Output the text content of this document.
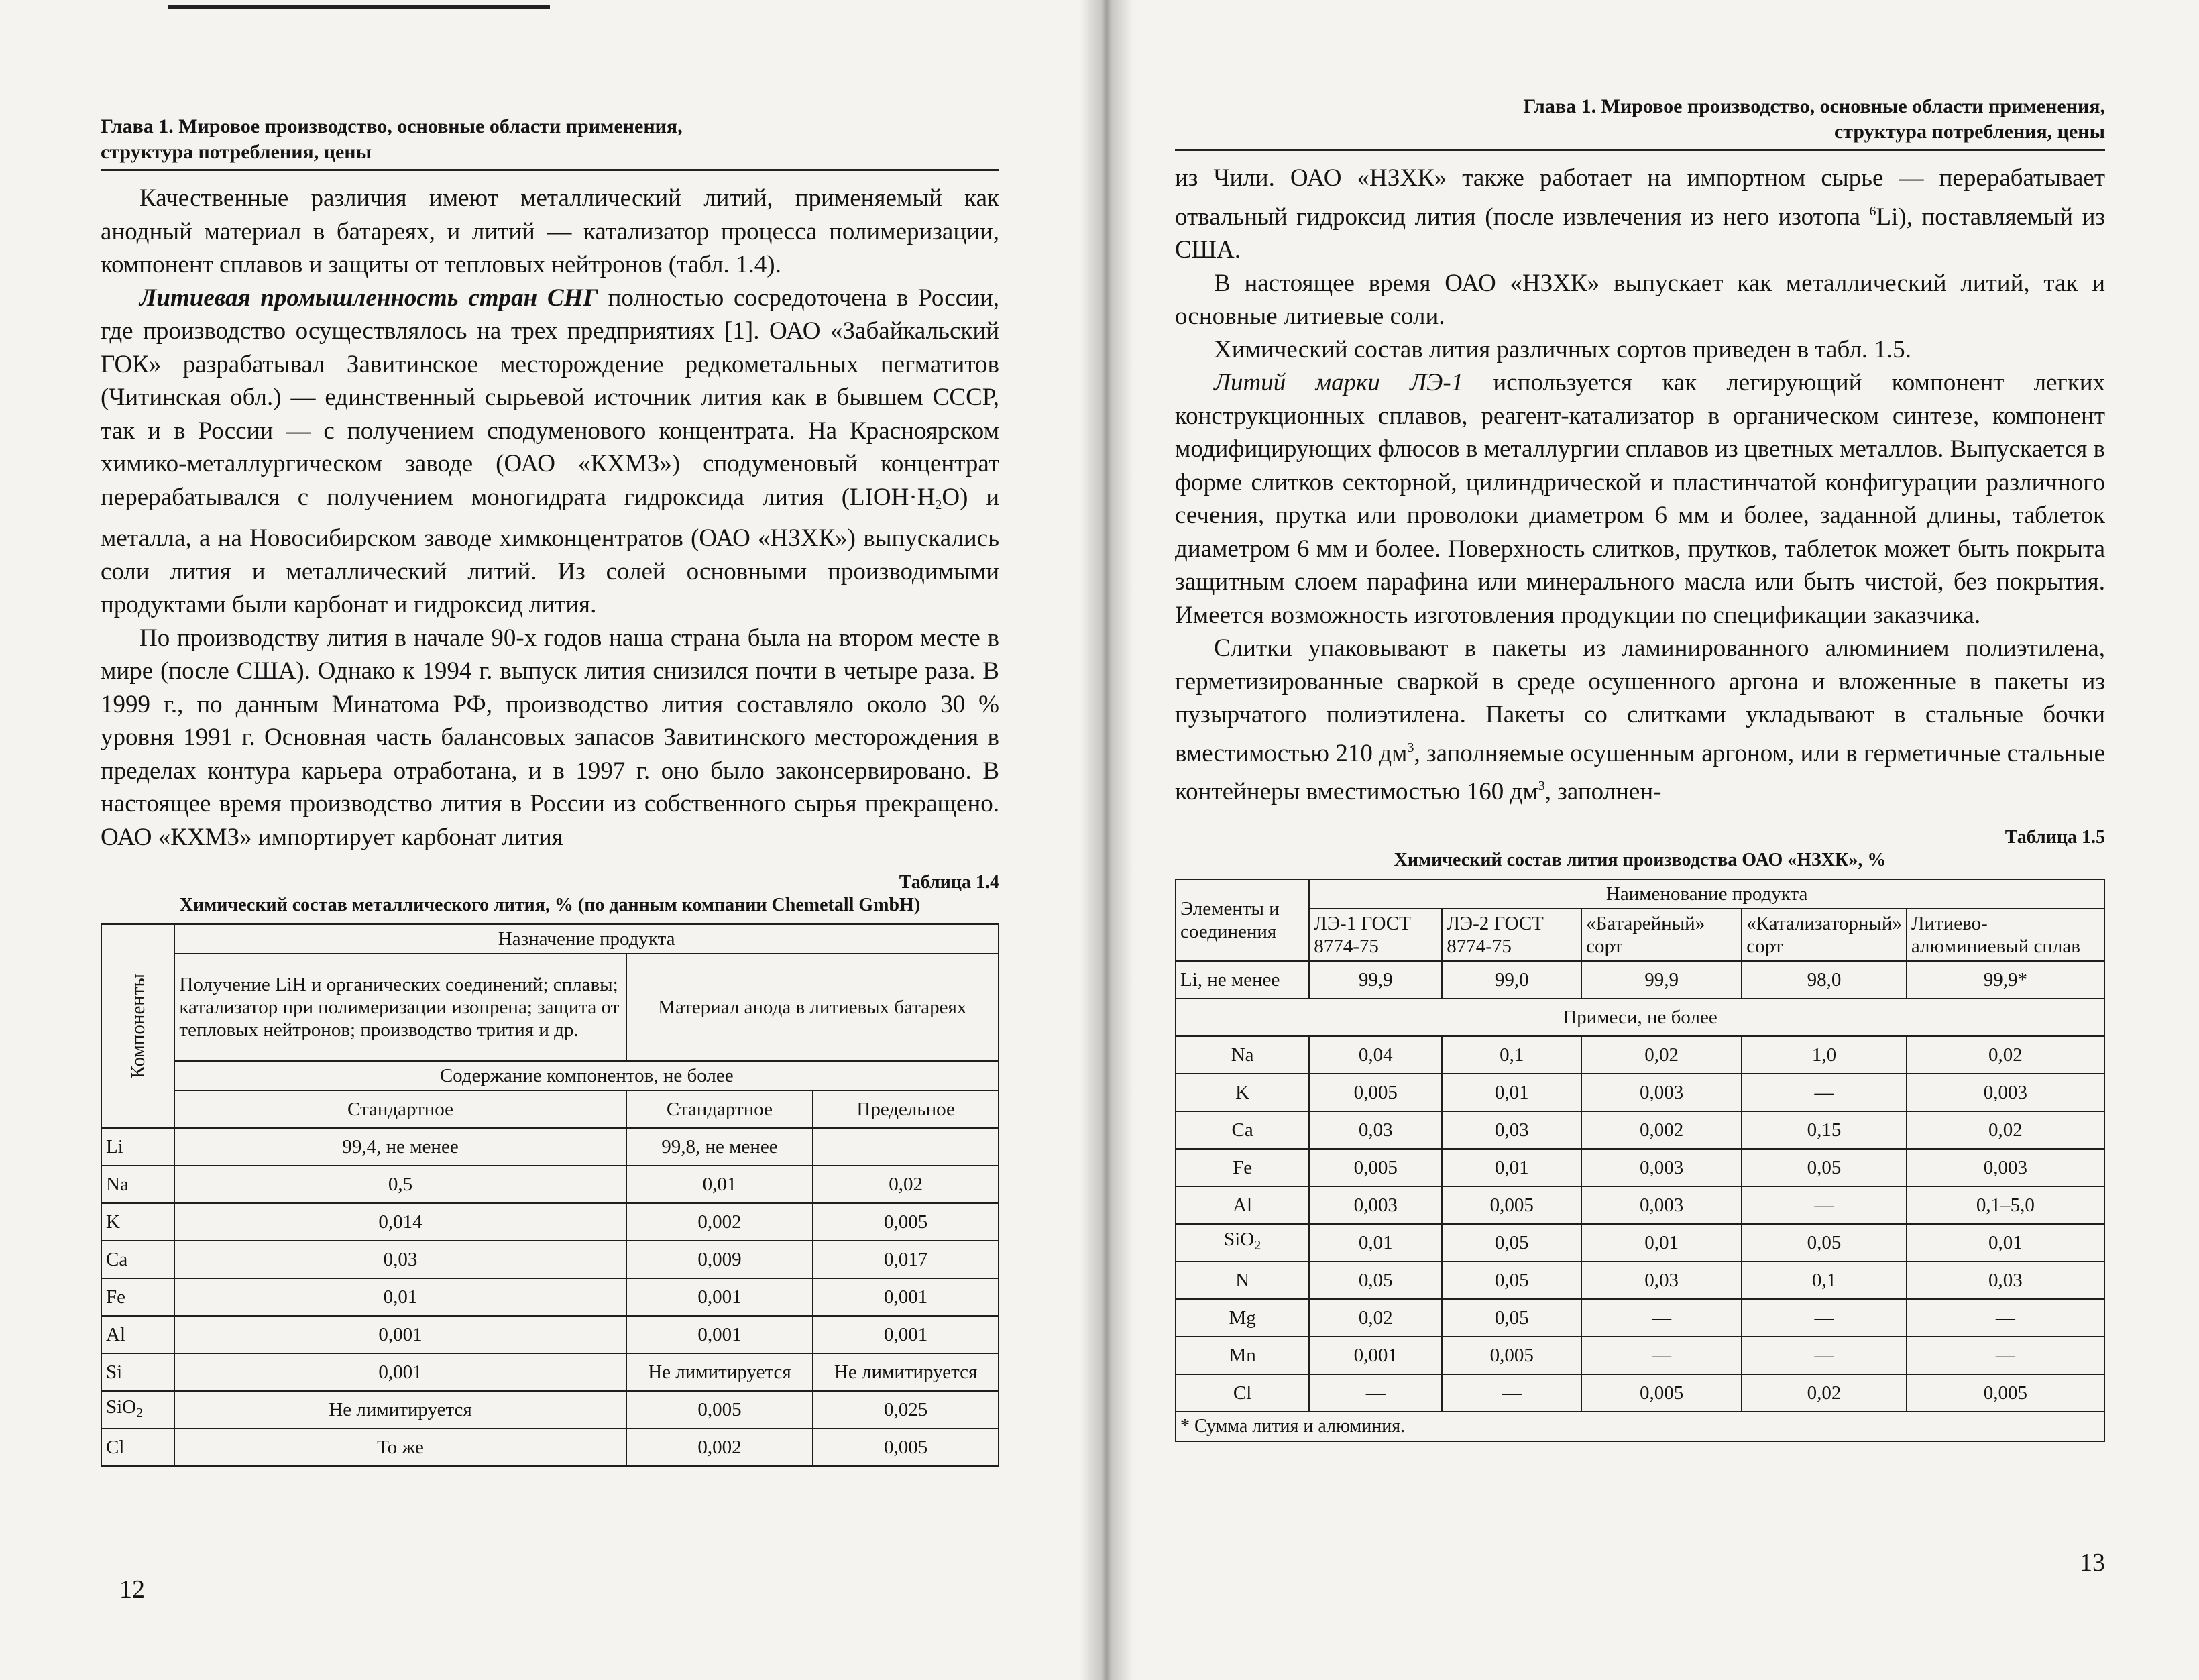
Глава 1. Мировое производство, основные области применения,
структура потребления, цены

Качественные различия имеют металлический литий, применяемый как анодный материал в батареях, и литий — катализатор процесса полимеризации, компонент сплавов и защиты от тепловых нейтронов (табл. 1.4).

Литиевая промышленность стран СНГ полностью сосредоточена в России, где производство осуществлялось на трех предприятиях [1]. ОАО «Забайкальский ГОК» разрабатывал Завитинское месторождение редкометальных пегматитов (Читинская обл.) — единственный сырьевой источник лития как в бывшем СССР, так и в России — с получением сподуменового концентрата. На Красноярском химико-металлургическом заводе (ОАО «КХМЗ») сподуменовый концентрат перерабатывался с получением моногидрата гидроксида лития $(LIOH\cdot H_2O)$ и металла, а на Новосибирском заводе химконцентратов (ОАО «НЗХК») выпускались соли лития и металлический литий. Из солей основными производимыми продуктами были карбонат и гидроксид лития.

По производству лития в начале 90-х годов наша страна была на втором месте в мире (после США). Однако к 1994 г. выпуск лития снизился почти в четыре раза. В 1999 г., по данным Минатома РФ, производство лития составляло около 30 % уровня 1991 г. Основная часть балансовых запасов Завитинского месторождения в пределах контура карьера отработана, и в 1997 г. оно было законсервировано. В настоящее время производство лития в России из собственного сырья прекращено. ОАО «КХМЗ» импортирует карбонат лития

Таблица 1.4
Химический состав металлического лития, % (по данным компании Chemetall GmbH)
Компоненты	Назначение продукта		
	Получение LiH и органических соединений; сплавы; катализатор при полимеризации изопрена; защита от тепловых нейтронов; производство трития и др.	Материал анода в литиевых батареях	
	Содержание компонентов, не более		
	Стандартное	Стандартное	Предельное
Li	99,4, не менее	99,8, не менее	
Na	0,5	0,01	0,02
K	0,014	0,002	0,005
Ca	0,03	0,009	0,017
Fe	0,01	0,001	0,001
Al	0,001	0,001	0,001
Si	0,001	Не лимитируется	Не лимитируется
SiO$_2$	Не лимитируется	0,005	0,025
Cl	То же	0,002	0,005
12
Глава 1. Мировое производство, основные области применения,
структура потребления, цены

из Чили. ОАО «НЗХК» также работает на импортном сырье — перерабатывает отвальный гидроксид лития (после извлечения из него изотопа $^6$Li), поставляемый из США.

В настоящее время ОАО «НЗХК» выпускает как металлический литий, так и основные литиевые соли.

Химический состав лития различных сортов приведен в табл. 1.5.

Литий марки ЛЭ-1 используется как легирующий компонент легких конструкционных сплавов, реагент-катализатор в органическом синтезе, компонент модифицирующих флюсов в металлургии сплавов из цветных металлов. Выпускается в форме слитков секторной, цилиндрической и пластинчатой конфигурации различного сечения, прутка или проволоки диаметром 6 мм и более, заданной длины, таблеток диаметром 6 мм и более. Поверхность слитков, прутков, таблеток может быть покрыта защитным слоем парафина или минерального масла или быть чистой, без покрытия. Имеется возможность изготовления продукции по спецификации заказчика.

Слитки упаковывают в пакеты из ламинированного алюминием полиэтилена, герметизированные сваркой в среде осушенного аргона и вложенные в пакеты из пузырчатого полиэтилена. Пакеты со слитками укладывают в стальные бочки вместимостью 210 $дм^3$, заполняемые осушенным аргоном, или в герметичные стальные контейнеры вместимостью 160 $дм^3$, заполнен-

Таблица 1.5
Химический состав лития производства ОАО «НЗХК», %
Элементы и соединения	Наименование продукта				
	ЛЭ-1 ГОСТ 8774-75	ЛЭ-2 ГОСТ 8774-75	«Батарейный» сорт	«Катализаторный» сорт	Литиево-алюминиевый сплав
Li, не менее	99,9	99,0	99,9	98,0	99,9*
Примеси, не более					
Na	0,04	0,1	0,02	1,0	0,02
K	0,005	0,01	0,003	—	0,003
Ca	0,03	0,03	0,002	0,15	0,02
Fe	0,005	0,01	0,003	0,05	0,003
Al	0,003	0,005	0,003	—	0,1–5,0
SiO$_2$	0,01	0,05	0,01	0,05	0,01
N	0,05	0,05	0,03	0,1	0,03
Mg	0,02	0,05	—	—	—
Mn	0,001	0,005	—	—	—
Cl	—	—	0,005	0,02	0,005
* Сумма лития и алюминия.					
13
